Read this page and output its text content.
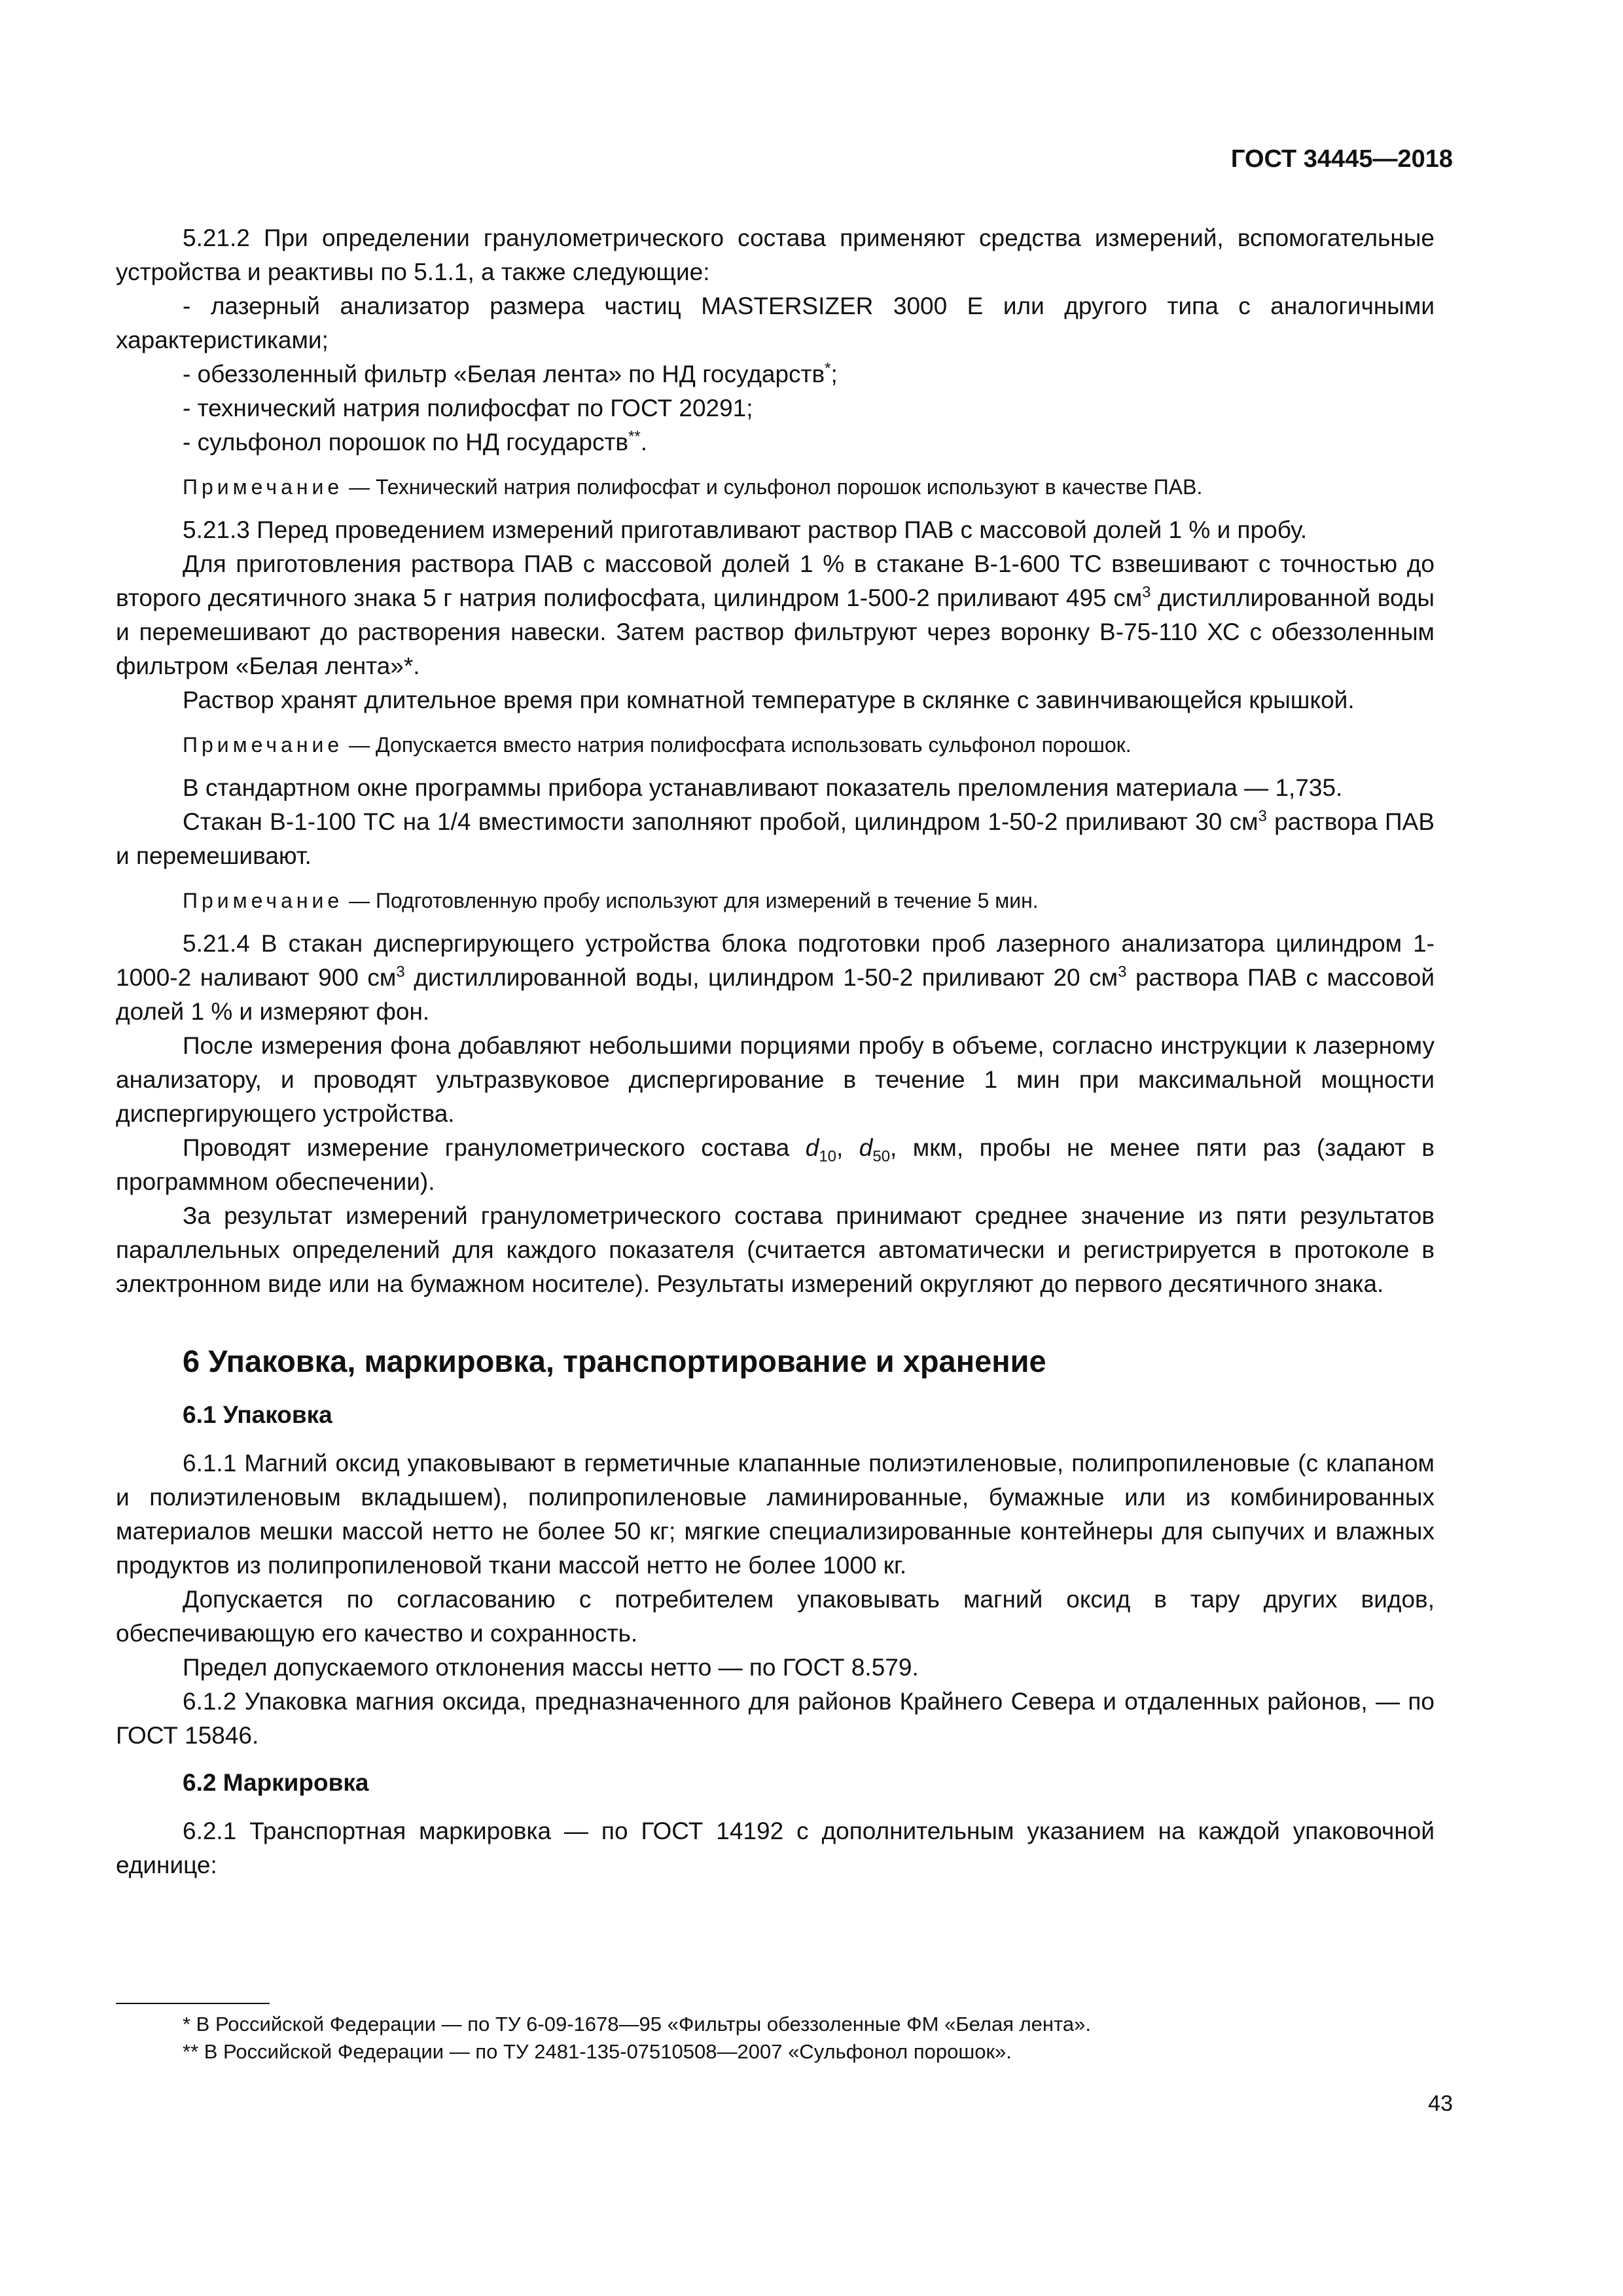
ГОСТ 34445—2018

5.21.2 При определении гранулометрического состава применяют средства измерений, вспомогательные устройства и реактивы по 5.1.1, а также следующие:

- лазерный анализатор размера частиц MASTERSIZER 3000 E или другого типа с аналогичными характеристиками;

- обеззоленный фильтр «Белая лента» по НД государств*;

- технический натрия полифосфат по ГОСТ 20291;

- сульфонол порошок по НД государств**.

Примечание — Технический натрия полифосфат и сульфонол порошок используют в качестве ПАВ.

5.21.3 Перед проведением измерений приготавливают раствор ПАВ с массовой долей 1 % и пробу.

Для приготовления раствора ПАВ с массовой долей 1 % в стакане В-1-600 ТС взвешивают с точностью до второго десятичного знака 5 г натрия полифосфата, цилиндром 1-500-2 приливают 495 $см^3$ дистиллированной воды и перемешивают до растворения навески. Затем раствор фильтруют через воронку В-75-110 ХС с обеззоленным фильтром «Белая лента»*.

Раствор хранят длительное время при комнатной температуре в склянке с завинчивающейся крышкой.

Примечание — Допускается вместо натрия полифосфата использовать сульфонол порошок.

В стандартном окне программы прибора устанавливают показатель преломления материала — 1,735.

Стакан В-1-100 ТС на 1/4 вместимости заполняют пробой, цилиндром 1-50-2 приливают 30 $см^3$ раствора ПАВ и перемешивают.

Примечание — Подготовленную пробу используют для измерений в течение 5 мин.

5.21.4 В стакан диспергирующего устройства блока подготовки проб лазерного анализатора цилиндром 1-1000-2 наливают 900 $см^3$ дистиллированной воды, цилиндром 1-50-2 приливают 20 $см^3$ раствора ПАВ с массовой долей 1 % и измеряют фон.

После измерения фона добавляют небольшими порциями пробу в объеме, согласно инструкции к лазерному анализатору, и проводят ультразвуковое диспергирование в течение 1 мин при максимальной мощности диспергирующего устройства.

Проводят измерение гранулометрического состава $d_{10}$, $d_{50}$, мкм, пробы не менее пяти раз (задают в программном обеспечении).

За результат измерений гранулометрического состава принимают среднее значение из пяти результатов параллельных определений для каждого показателя (считается автоматически и регистрируется в протоколе в электронном виде или на бумажном носителе). Результаты измерений округляют до первого десятичного знака.

6 Упаковка, маркировка, транспортирование и хранение
6.1 Упаковка

6.1.1 Магний оксид упаковывают в герметичные клапанные полиэтиленовые, полипропиленовые (с клапаном и полиэтиленовым вкладышем), полипропиленовые ламинированные, бумажные или из комбинированных материалов мешки массой нетто не более 50 кг; мягкие специализированные контейнеры для сыпучих и влажных продуктов из полипропиленовой ткани массой нетто не более 1000 кг.

Допускается по согласованию с потребителем упаковывать магний оксид в тару других видов, обеспечивающую его качество и сохранность.

Предел допускаемого отклонения массы нетто — по ГОСТ 8.579.

6.1.2 Упаковка магния оксида, предназначенного для районов Крайнего Севера и отдаленных районов, — по ГОСТ 15846.

6.2 Маркировка

6.2.1 Транспортная маркировка — по ГОСТ 14192 с дополнительным указанием на каждой упаковочной единице:

* В Российской Федерации — по ТУ 6-09-1678—95 «Фильтры обеззоленные ФМ «Белая лента».

** В Российской Федерации — по ТУ 2481-135-07510508—2007 «Сульфонол порошок».

43
